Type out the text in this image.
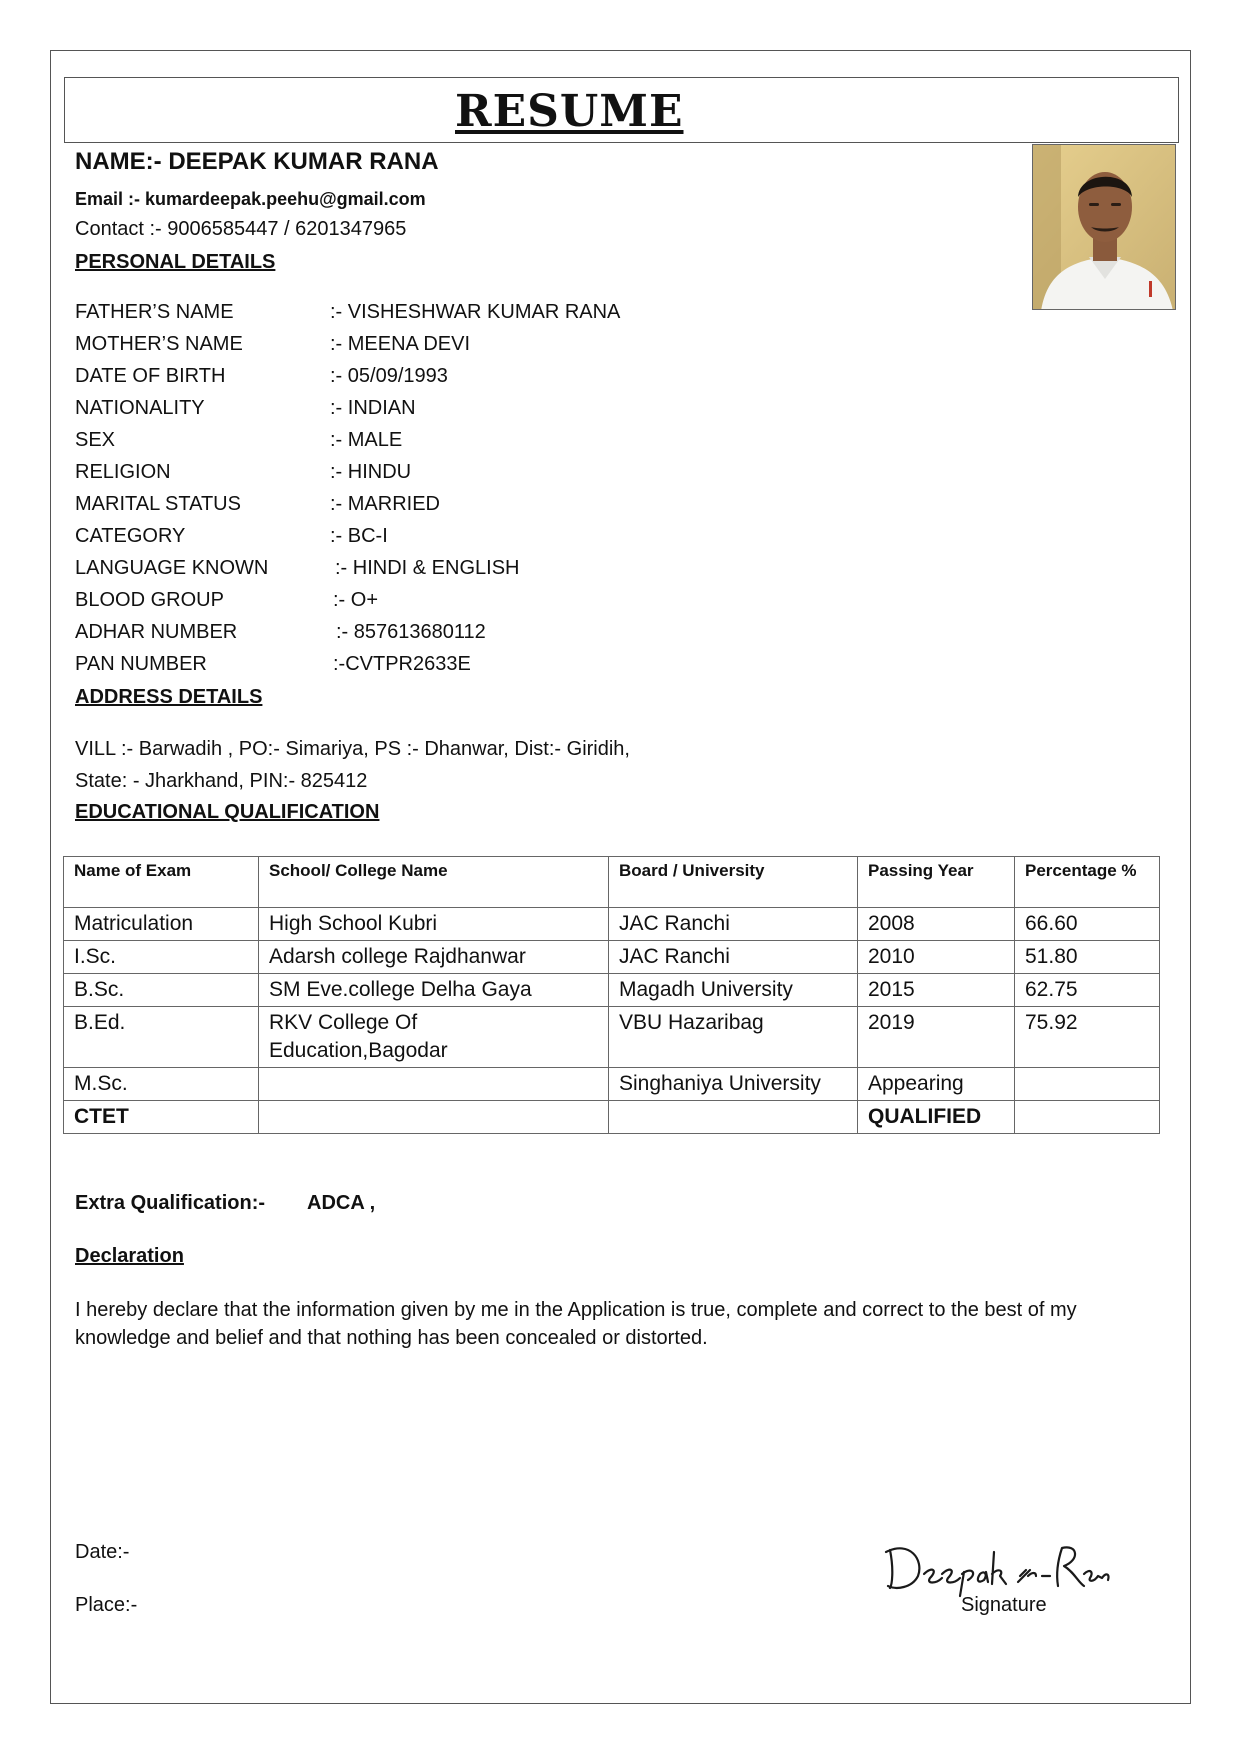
RESUME
NAME:- DEEPAK KUMAR RANA
Email :- kumardeepak.peehu@gmail.com
Contact :- 9006585447 / 6201347965
PERSONAL DETAILS
FATHER’S NAME	:- VISHESHWAR KUMAR RANA
MOTHER’S NAME	:- MEENA DEVI
DATE OF BIRTH	:- 05/09/1993
NATIONALITY	:- INDIAN
SEX	:- MALE
RELIGION	:- HINDU
MARITAL STATUS	:- MARRIED
CATEGORY	:- BC-I
LANGUAGE KNOWN	:- HINDI & ENGLISH
BLOOD GROUP	:- O+
ADHAR NUMBER	:- 857613680112
PAN NUMBER	:-CVTPR2633E
ADDRESS DETAILS
VILL :- Barwadih , PO:- Simariya, PS :- Dhanwar, Dist:- Giridih,
State: - Jharkhand, PIN:- 825412
EDUCATIONAL QUALIFICATION
Name of Exam	School/ College Name	Board / University	Passing Year	Percentage %
Matriculation	High School Kubri	JAC Ranchi	2008	66.60
I.Sc.	Adarsh college Rajdhanwar	JAC Ranchi	2010	51.80
B.Sc.	SM Eve.college Delha Gaya	Magadh University	2015	62.75
B.Ed.	RKV College Of Education,Bagodar	VBU Hazaribag	2019	75.92
M.Sc.		Singhaniya University	Appearing	
CTET			QUALIFIED	
Extra Qualification:- ADCA ,
Declaration
I hereby declare that the information given by me in the Application is true, complete and correct to the best of my knowledge and belief and that nothing has been concealed or distorted.
Date:-
Place:-	Signature
